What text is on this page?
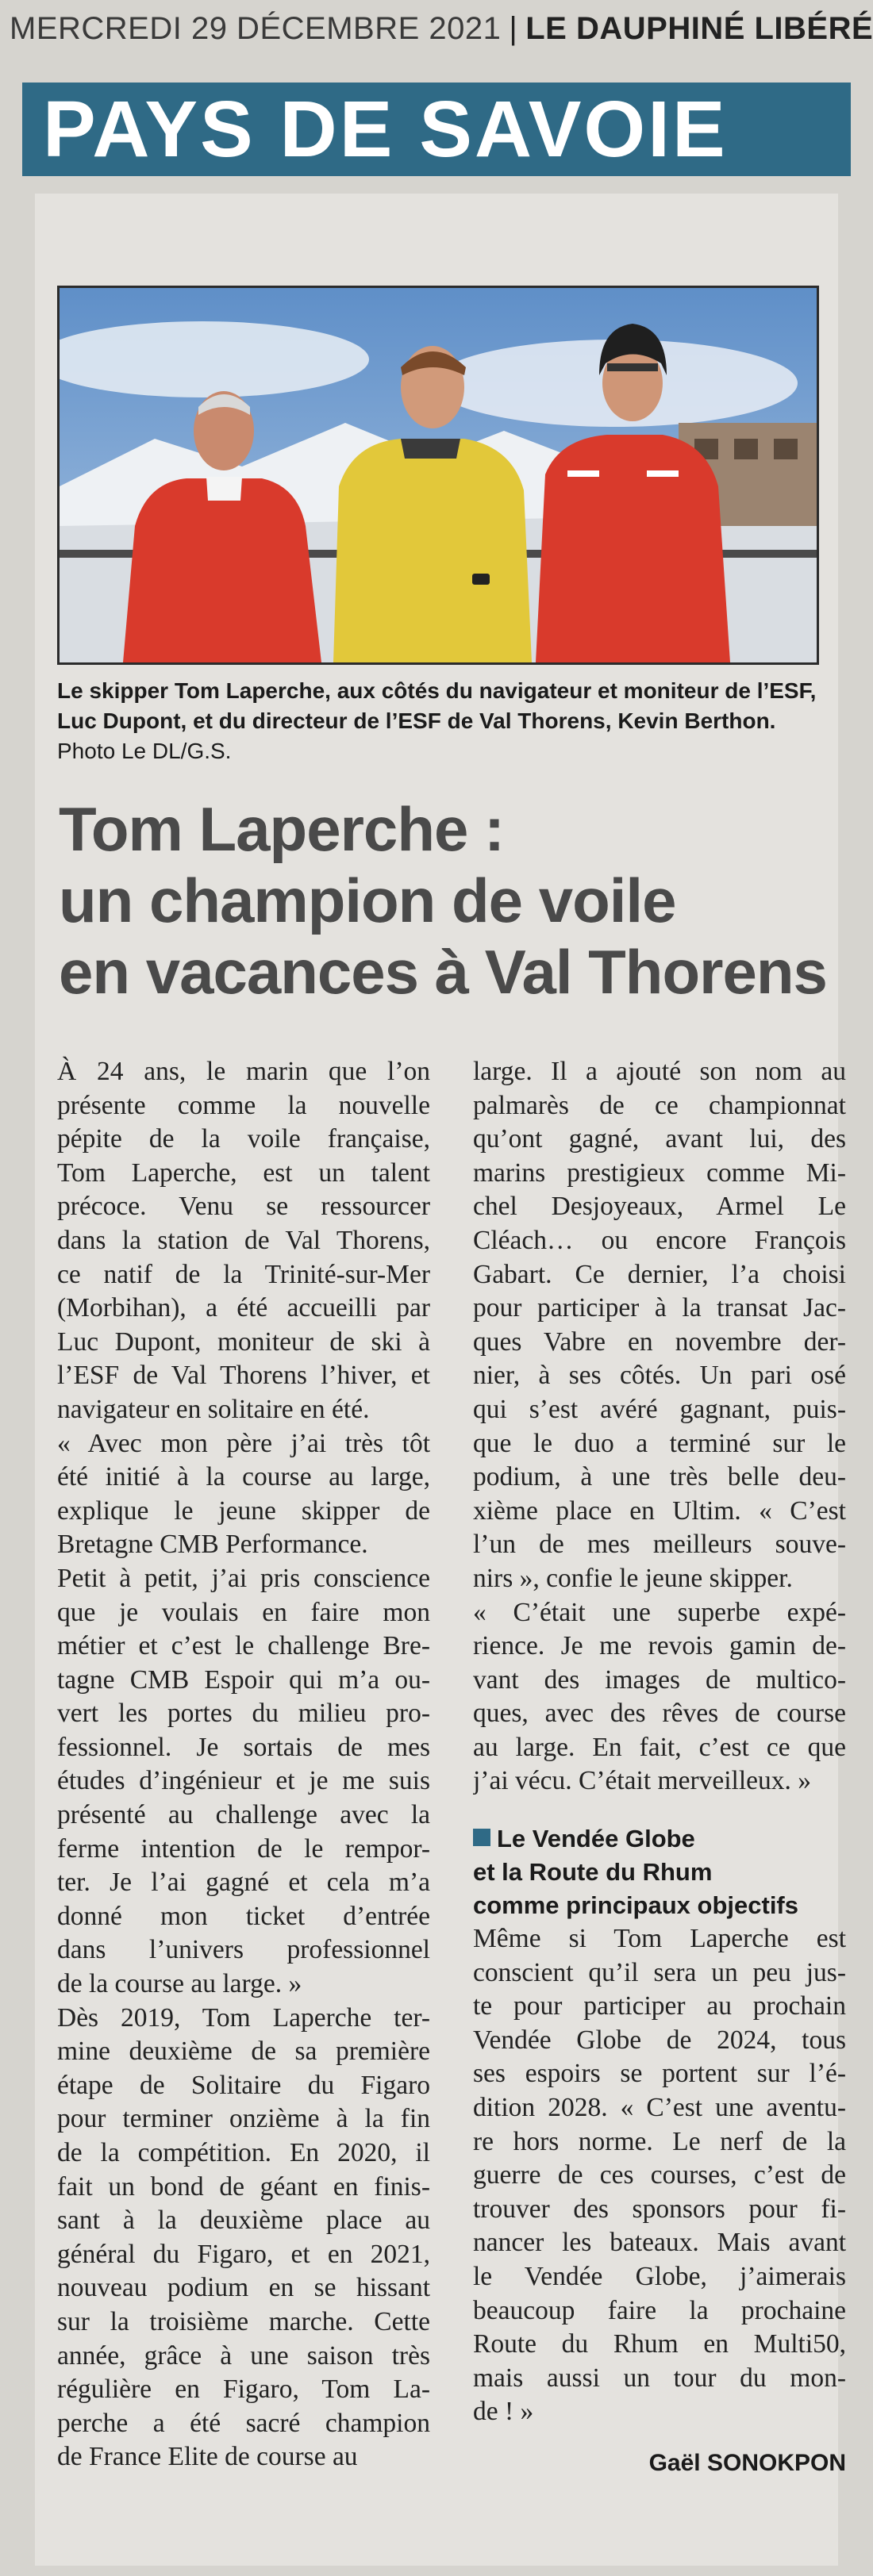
MERCREDI 29 DÉCEMBRE 2021 | LE DAUPHINÉ LIBÉRÉ
PAYS DE SAVOIE
Le skipper Tom Laperche, aux côtés du navigateur et moniteur de l’ESF, Luc Dupont, et du directeur de l’ESF de Val Thorens, Kevin Berthon. Photo Le DL/G.S.
Tom Laperche :
un champion de voile
en vacances à Val Thorens
À 24 ans, le marin que l’on
présente comme la nouvelle
pépite de la voile française,
Tom Laperche, est un talent
précoce. Venu se ressourcer
dans la station de Val Thorens,
ce natif de la Trinité-sur-Mer
(Morbihan), a été accueilli par
Luc Dupont, moniteur de ski à
l’ESF de Val Thorens l’hiver, et
navigateur en solitaire en été.
« Avec mon père j’ai très tôt
été initié à la course au large,
explique le jeune skipper de
Bretagne CMB Performance.
Petit à petit, j’ai pris conscience
que je voulais en faire mon
métier et c’est le challenge Bre-
tagne CMB Espoir qui m’a ou-
vert les portes du milieu pro-
fessionnel. Je sortais de mes
études d’ingénieur et je me suis
présenté au challenge avec la
ferme intention de le rempor-
ter. Je l’ai gagné et cela m’a
donné mon ticket d’entrée
dans l’univers professionnel
de la course au large. »
Dès 2019, Tom Laperche ter-
mine deuxième de sa première
étape de Solitaire du Figaro
pour terminer onzième à la fin
de la compétition. En 2020, il
fait un bond de géant en finis-
sant à la deuxième place au
général du Figaro, et en 2021,
nouveau podium en se hissant
sur la troisième marche. Cette
année, grâce à une saison très
régulière en Figaro, Tom La-
perche a été sacré champion
de France Elite de course au
large. Il a ajouté son nom au
palmarès de ce championnat
qu’ont gagné, avant lui, des
marins prestigieux comme Mi-
chel Desjoyeaux, Armel Le
Cléach… ou encore François
Gabart. Ce dernier, l’a choisi
pour participer à la transat Jac-
ques Vabre en novembre der-
nier, à ses côtés. Un pari osé
qui s’est avéré gagnant, puis-
que le duo a terminé sur le
podium, à une très belle deu-
xième place en Ultim. « C’est
l’un de mes meilleurs souve-
nirs », confie le jeune skipper.
« C’était une superbe expé-
rience. Je me revois gamin de-
vant des images de multico-
ques, avec des rêves de course
au large. En fait, c’est ce que
j’ai vécu. C’était merveilleux. »
Le Vendée Globe
et la Route du Rhum
comme principaux objectifs
Même si Tom Laperche est
conscient qu’il sera un peu jus-
te pour participer au prochain
Vendée Globe de 2024, tous
ses espoirs se portent sur l’é-
dition 2028. « C’est une aventu-
re hors norme. Le nerf de la
guerre de ces courses, c’est de
trouver des sponsors pour fi-
nancer les bateaux. Mais avant
le Vendée Globe, j’aimerais
beaucoup faire la prochaine
Route du Rhum en Multi50,
mais aussi un tour du mon-
de ! »
Gaël SONOKPON
